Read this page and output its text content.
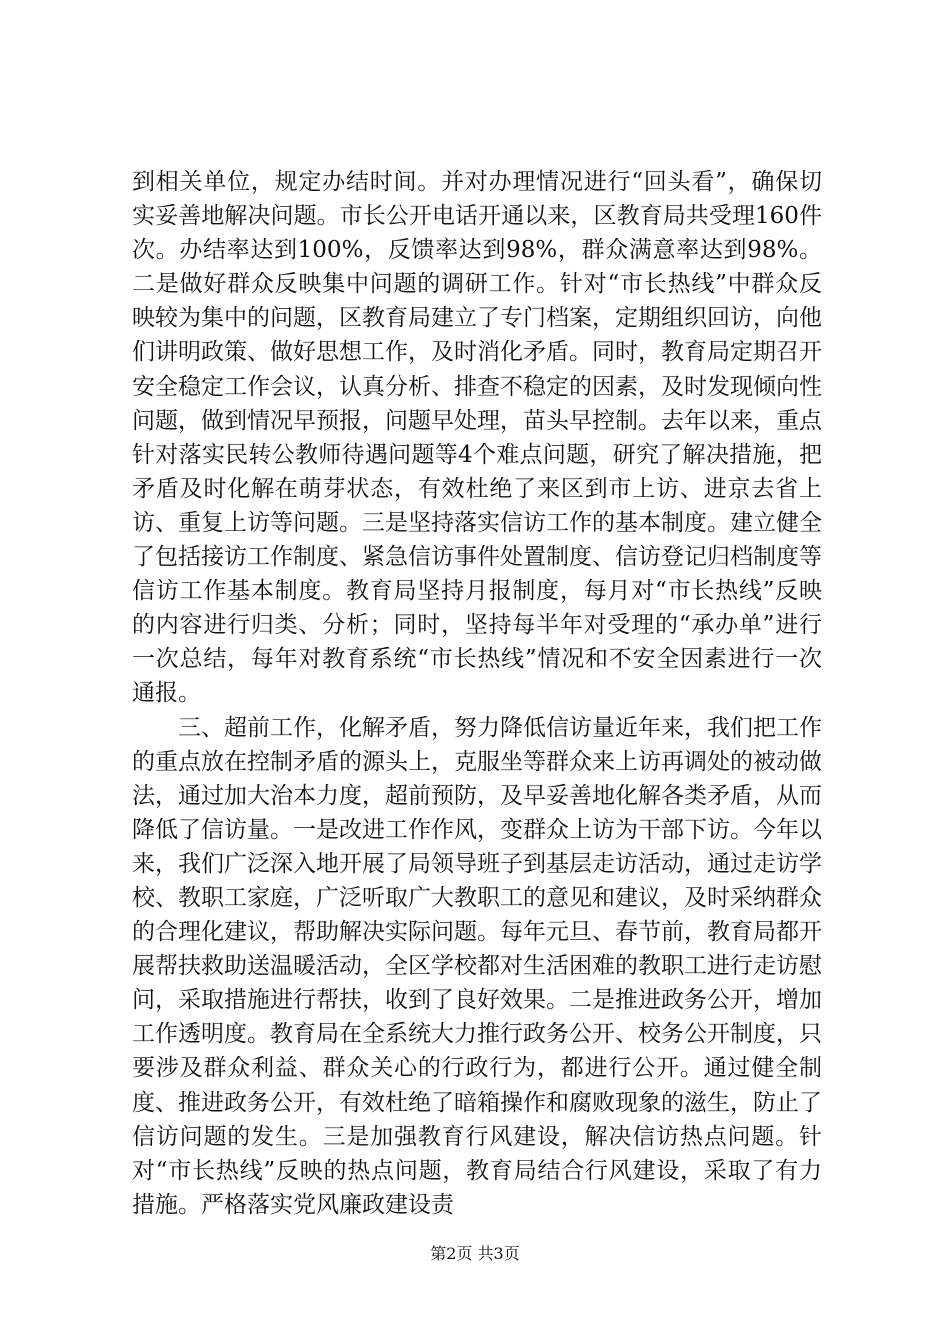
到相关单位，规定办结时间。并对办理情况进行“回头看”，确保切实妥善地解决问题。市长公开电话开通以来，区教育局共受理160件次。办结率达到100%，反馈率达到98%，群众满意率达到98%。二是做好群众反映集中问题的调研工作。针对“市长热线”中群众反映较为集中的问题，区教育局建立了专门档案，定期组织回访，向他们讲明政策、做好思想工作，及时消化矛盾。同时，教育局定期召开安全稳定工作会议，认真分析、排查不稳定的因素，及时发现倾向性问题，做到情况早预报，问题早处理，苗头早控制。去年以来，重点针对落实民转公教师待遇问题等4个难点问题，研究了解决措施，把矛盾及时化解在萌芽状态，有效杜绝了来区到市上访、进京去省上访、重复上访等问题。三是坚持落实信访工作的基本制度。建立健全了包括接访工作制度、紧急信访事件处置制度、信访登记归档制度等信访工作基本制度。教育局坚持月报制度，每月对“市长热线”反映的内容进行归类、分析；同时，坚持每半年对受理的“承办单”进行一次总结，每年对教育系统“市长热线”情况和不安全因素进行一次通报。

三、超前工作，化解矛盾，努力降低信访量近年来，我们把工作的重点放在控制矛盾的源头上，克服坐等群众来上访再调处的被动做法，通过加大治本力度，超前预防，及早妥善地化解各类矛盾，从而降低了信访量。一是改进工作作风，变群众上访为干部下访。今年以来，我们广泛深入地开展了局领导班子到基层走访活动，通过走访学校、教职工家庭，广泛听取广大教职工的意见和建议，及时采纳群众的合理化建议，帮助解决实际问题。每年元旦、春节前，教育局都开展帮扶救助送温暖活动，全区学校都对生活困难的教职工进行走访慰问，采取措施进行帮扶，收到了良好效果。二是推进政务公开，增加工作透明度。教育局在全系统大力推行政务公开、校务公开制度，只要涉及群众利益、群众关心的行政行为，都进行公开。通过健全制度、推进政务公开，有效杜绝了暗箱操作和腐败现象的滋生，防止了信访问题的发生。三是加强教育行风建设，解决信访热点问题。针对“市长热线”反映的热点问题，教育局结合行风建设，采取了有力措施。严格落实党风廉政建设责

第2页 共3页
